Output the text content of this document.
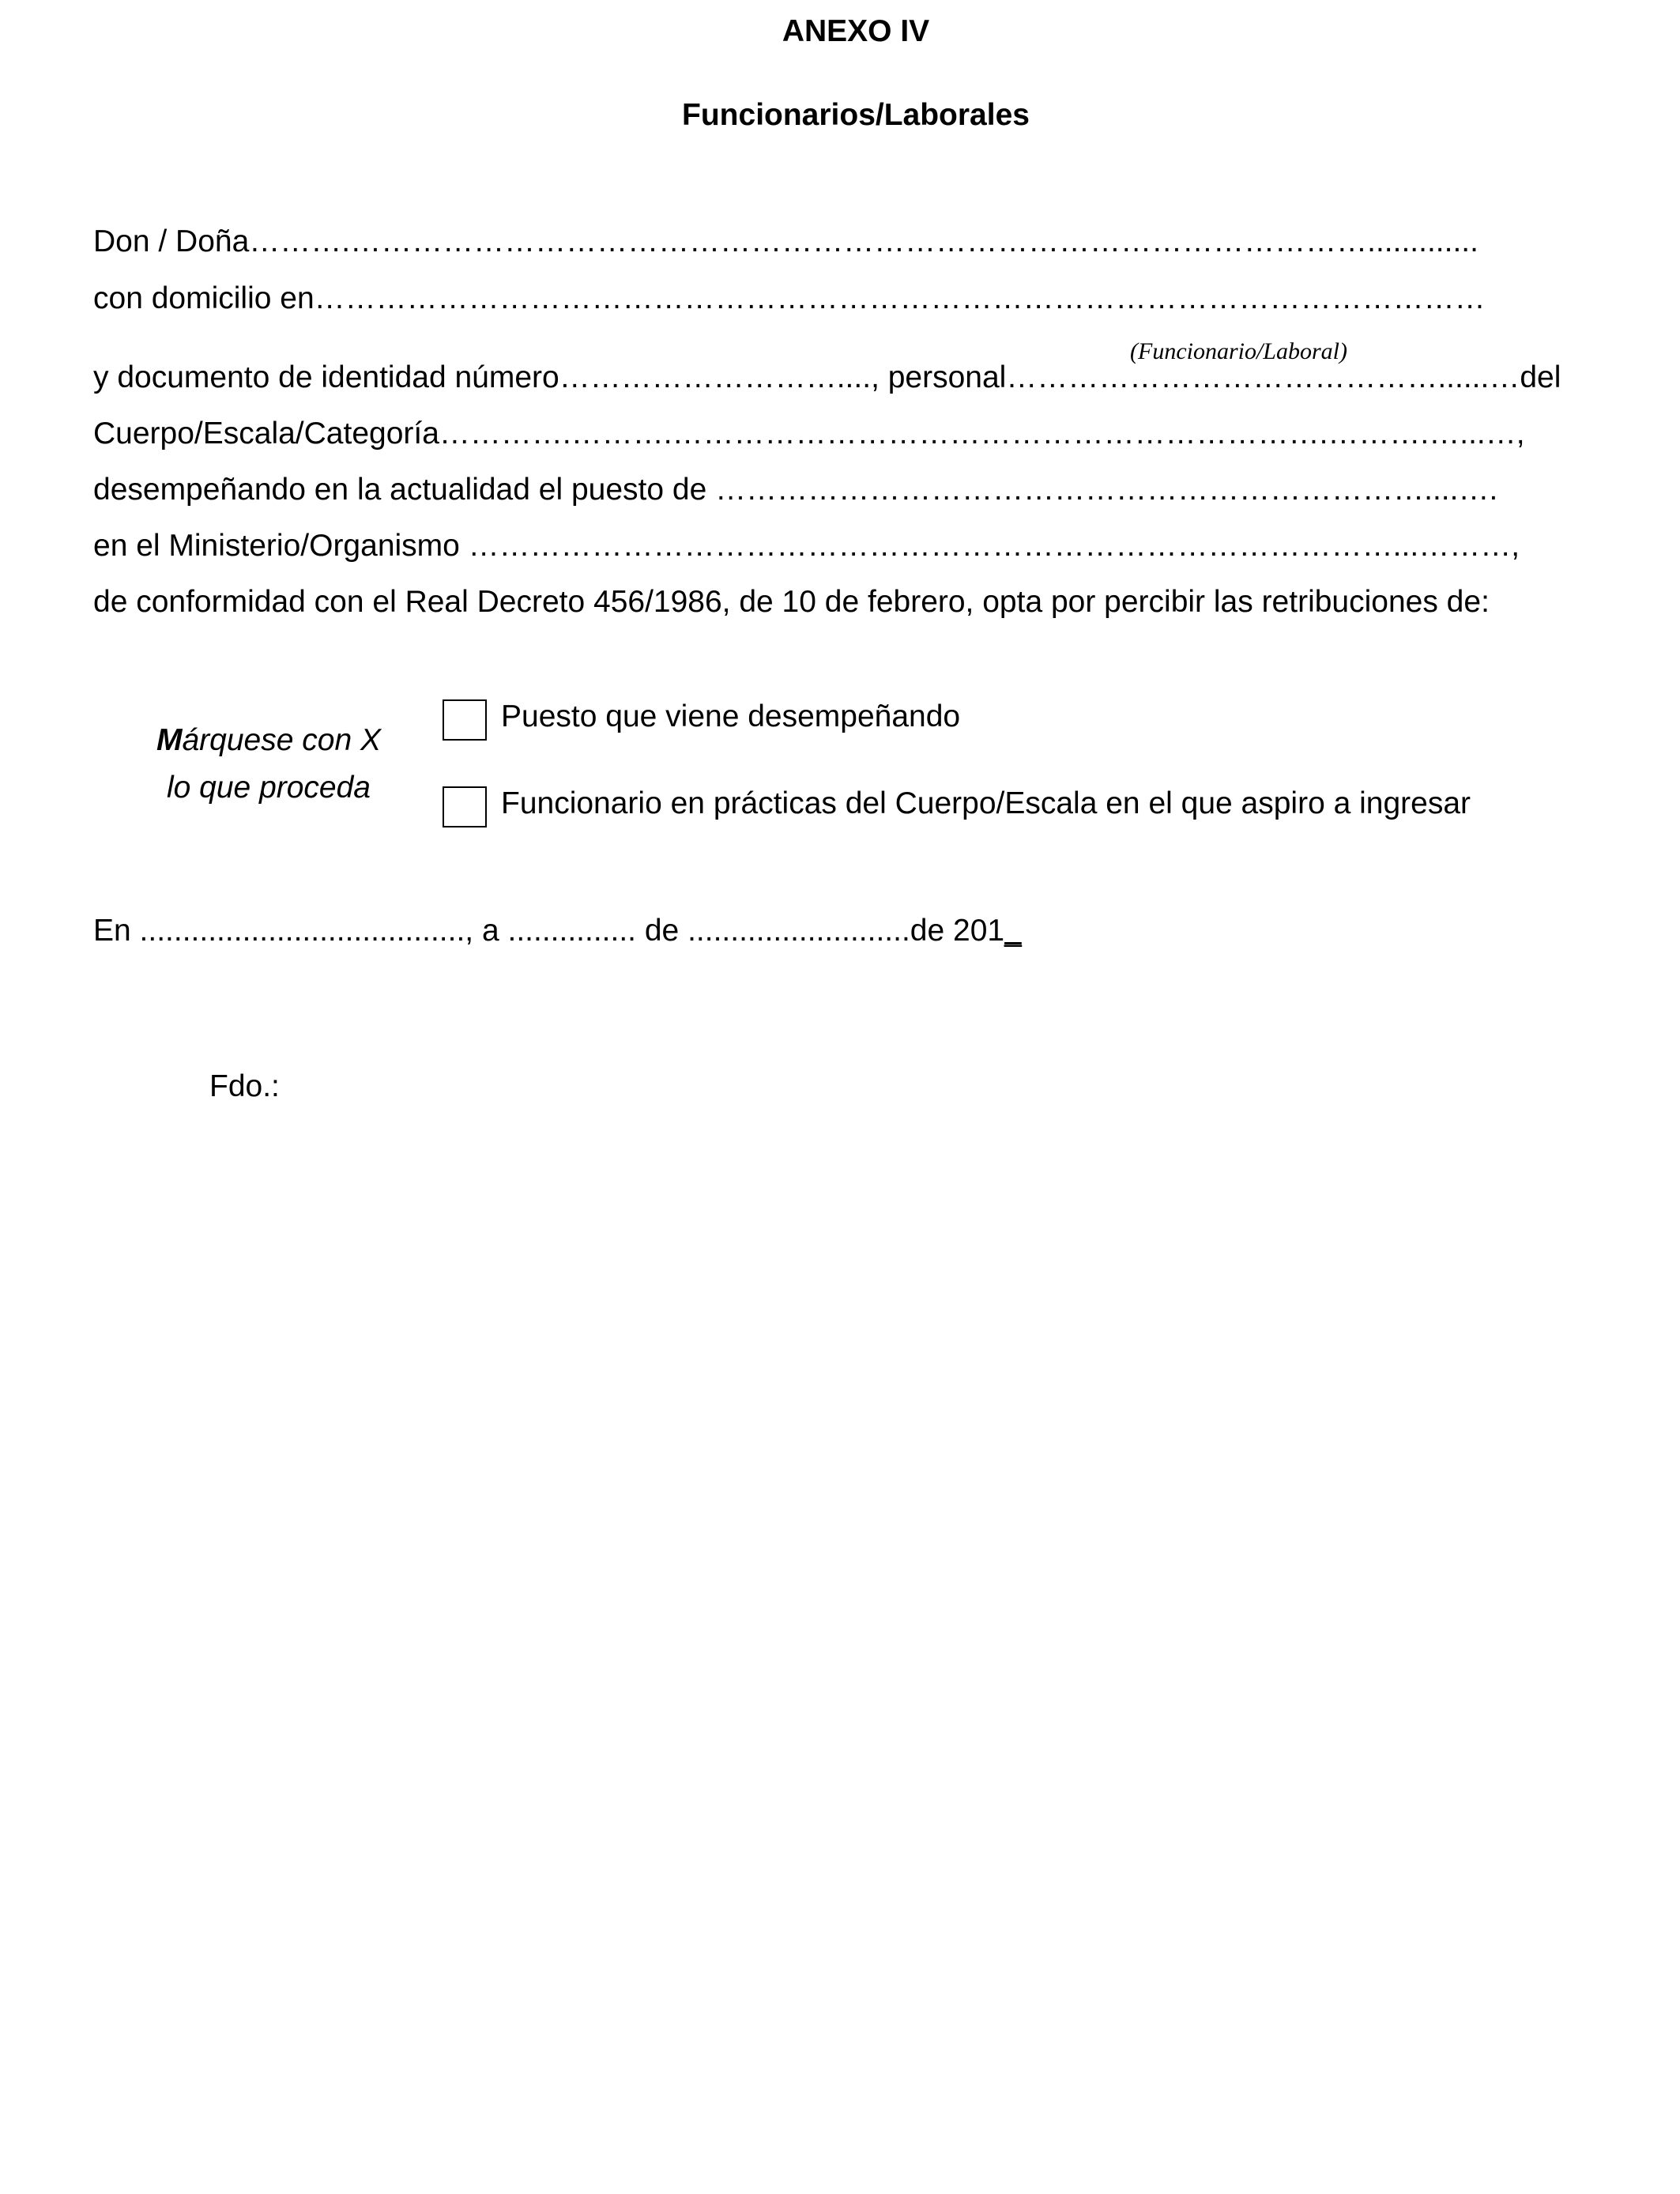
ANEXO IV
Funcionarios/Laborales
Don / Doña……….……………………………………………………………………………………….............
con domicilio en……………………………………………………………………………………………………
(Funcionario/Laboral)
y documento de identidad número………………………...., personal……………………………………......…del
Cuerpo/Escala/Categoría………….……….……………………………………………………….……….…...…,
desempeñando en la actualidad el puesto de ……………………………………………………………....….
en el Ministerio/Organismo ………………………………………………………………………………...………,
de conformidad con el Real Decreto 456/1986, de 10 de febrero, opta por percibir las retribuciones de:
Márquese con X
lo que proceda
Puesto que viene desempeñando
Funcionario en prácticas del Cuerpo/Escala en el que aspiro a ingresar
En ......................................, a ............... de ..........................de 201_
Fdo.:
